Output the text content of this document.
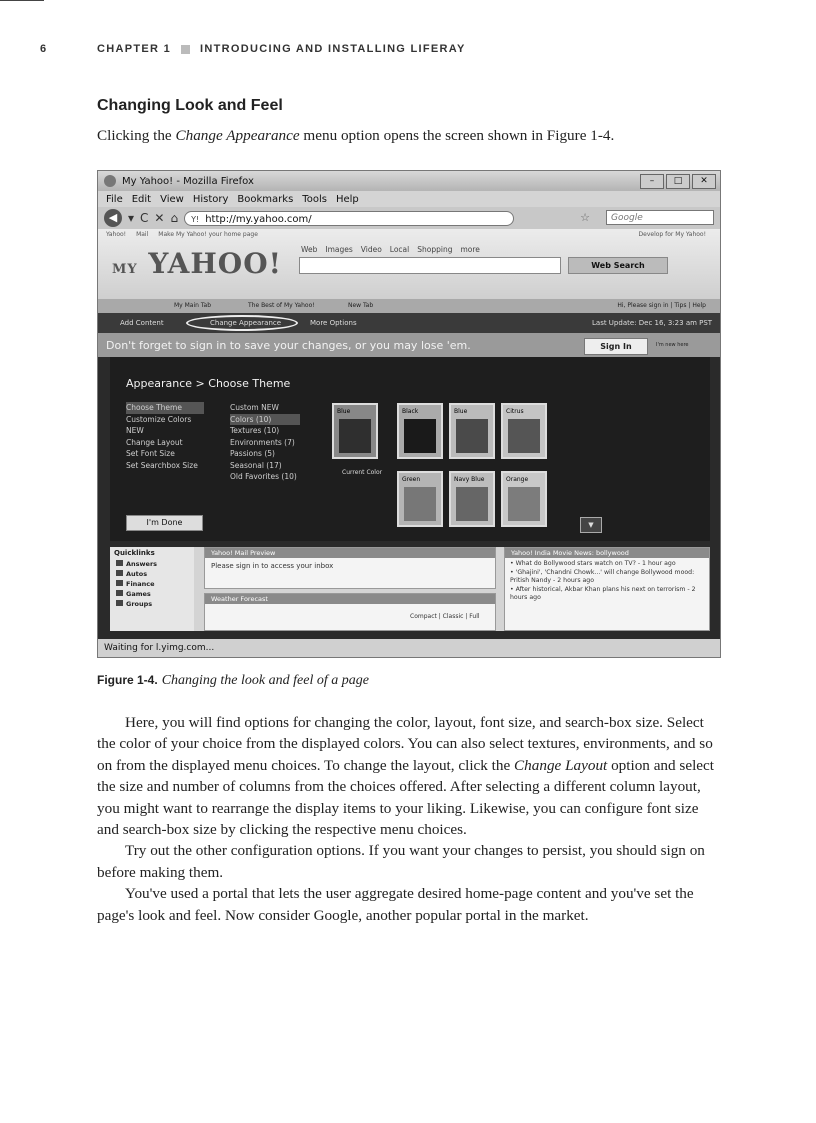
6	CHAPTER 1	INTRODUCING AND INSTALLING LIFERAY
Changing Look and Feel
Clicking the Change Appearance menu option opens the screen shown in Figure 1-4.
My Yahoo! - Mozilla Firefox	–	□	✕
File Edit View History Bookmarks Tools Help
◀ ▾ C ✕ ⌂ Y! http://my.yahoo.com/	☆	Google
Yahoo! Mail Make My Yahoo! your home page	Develop for My Yahoo!
MY YAHOO!	Web Images Video Local Shopping more
Web Search
My Main Tab	The Best of My Yahoo!	New Tab	Hi, Please sign in | Tips | Help
Add Content	Change Appearance	More Options	Last Update: Dec 16, 3:23 am PST
Don't forget to sign in to save your changes, or you may lose 'em.	Sign In	I'm new here
Appearance > Choose Theme
Choose Theme
Customize Colors NEW
Change Layout
Set Font Size
Set Searchbox Size
Custom NEW
Colors (10)
Textures (10)
Environments (7)
Passions (5)
Seasonal (17)
Old Favorites (10)
Blue
Current Color
Black	Blue	Citrus
Green	Navy Blue	Orange
I'm Done	▼
Quicklinks
Answers
Autos
Finance
Games
Groups
Yahoo! Mail Preview
Please sign in to access your inbox
Weather Forecast
Compact | Classic | Full
Yahoo! India Movie News: bollywood
• What do Bollywood stars watch on TV? - 1 hour ago
• 'Ghajini', 'Chandni Chowk...' will change Bollywood mood: Pritish Nandy - 2 hours ago
• After historical, Akbar Khan plans his next on terrorism - 2 hours ago
Waiting for l.yimg.com...
Figure 1-4. Changing the look and feel of a page

Here, you will find options for changing the color, layout, font size, and search-box size. Select the color of your choice from the displayed colors. You can also select textures, environments, and so on from the displayed menu choices. To change the layout, click the Change Layout option and select the size and number of columns from the choices offered. After selecting a different column layout, you might want to rearrange the display items to your liking. Likewise, you can configure font size and search-box size by clicking the respective menu choices.

Try out the other configuration options. If you want your changes to persist, you should sign on before making them.

You've used a portal that lets the user aggregate desired home-page content and you've set the page's look and feel. Now consider Google, another popular portal in the market.
